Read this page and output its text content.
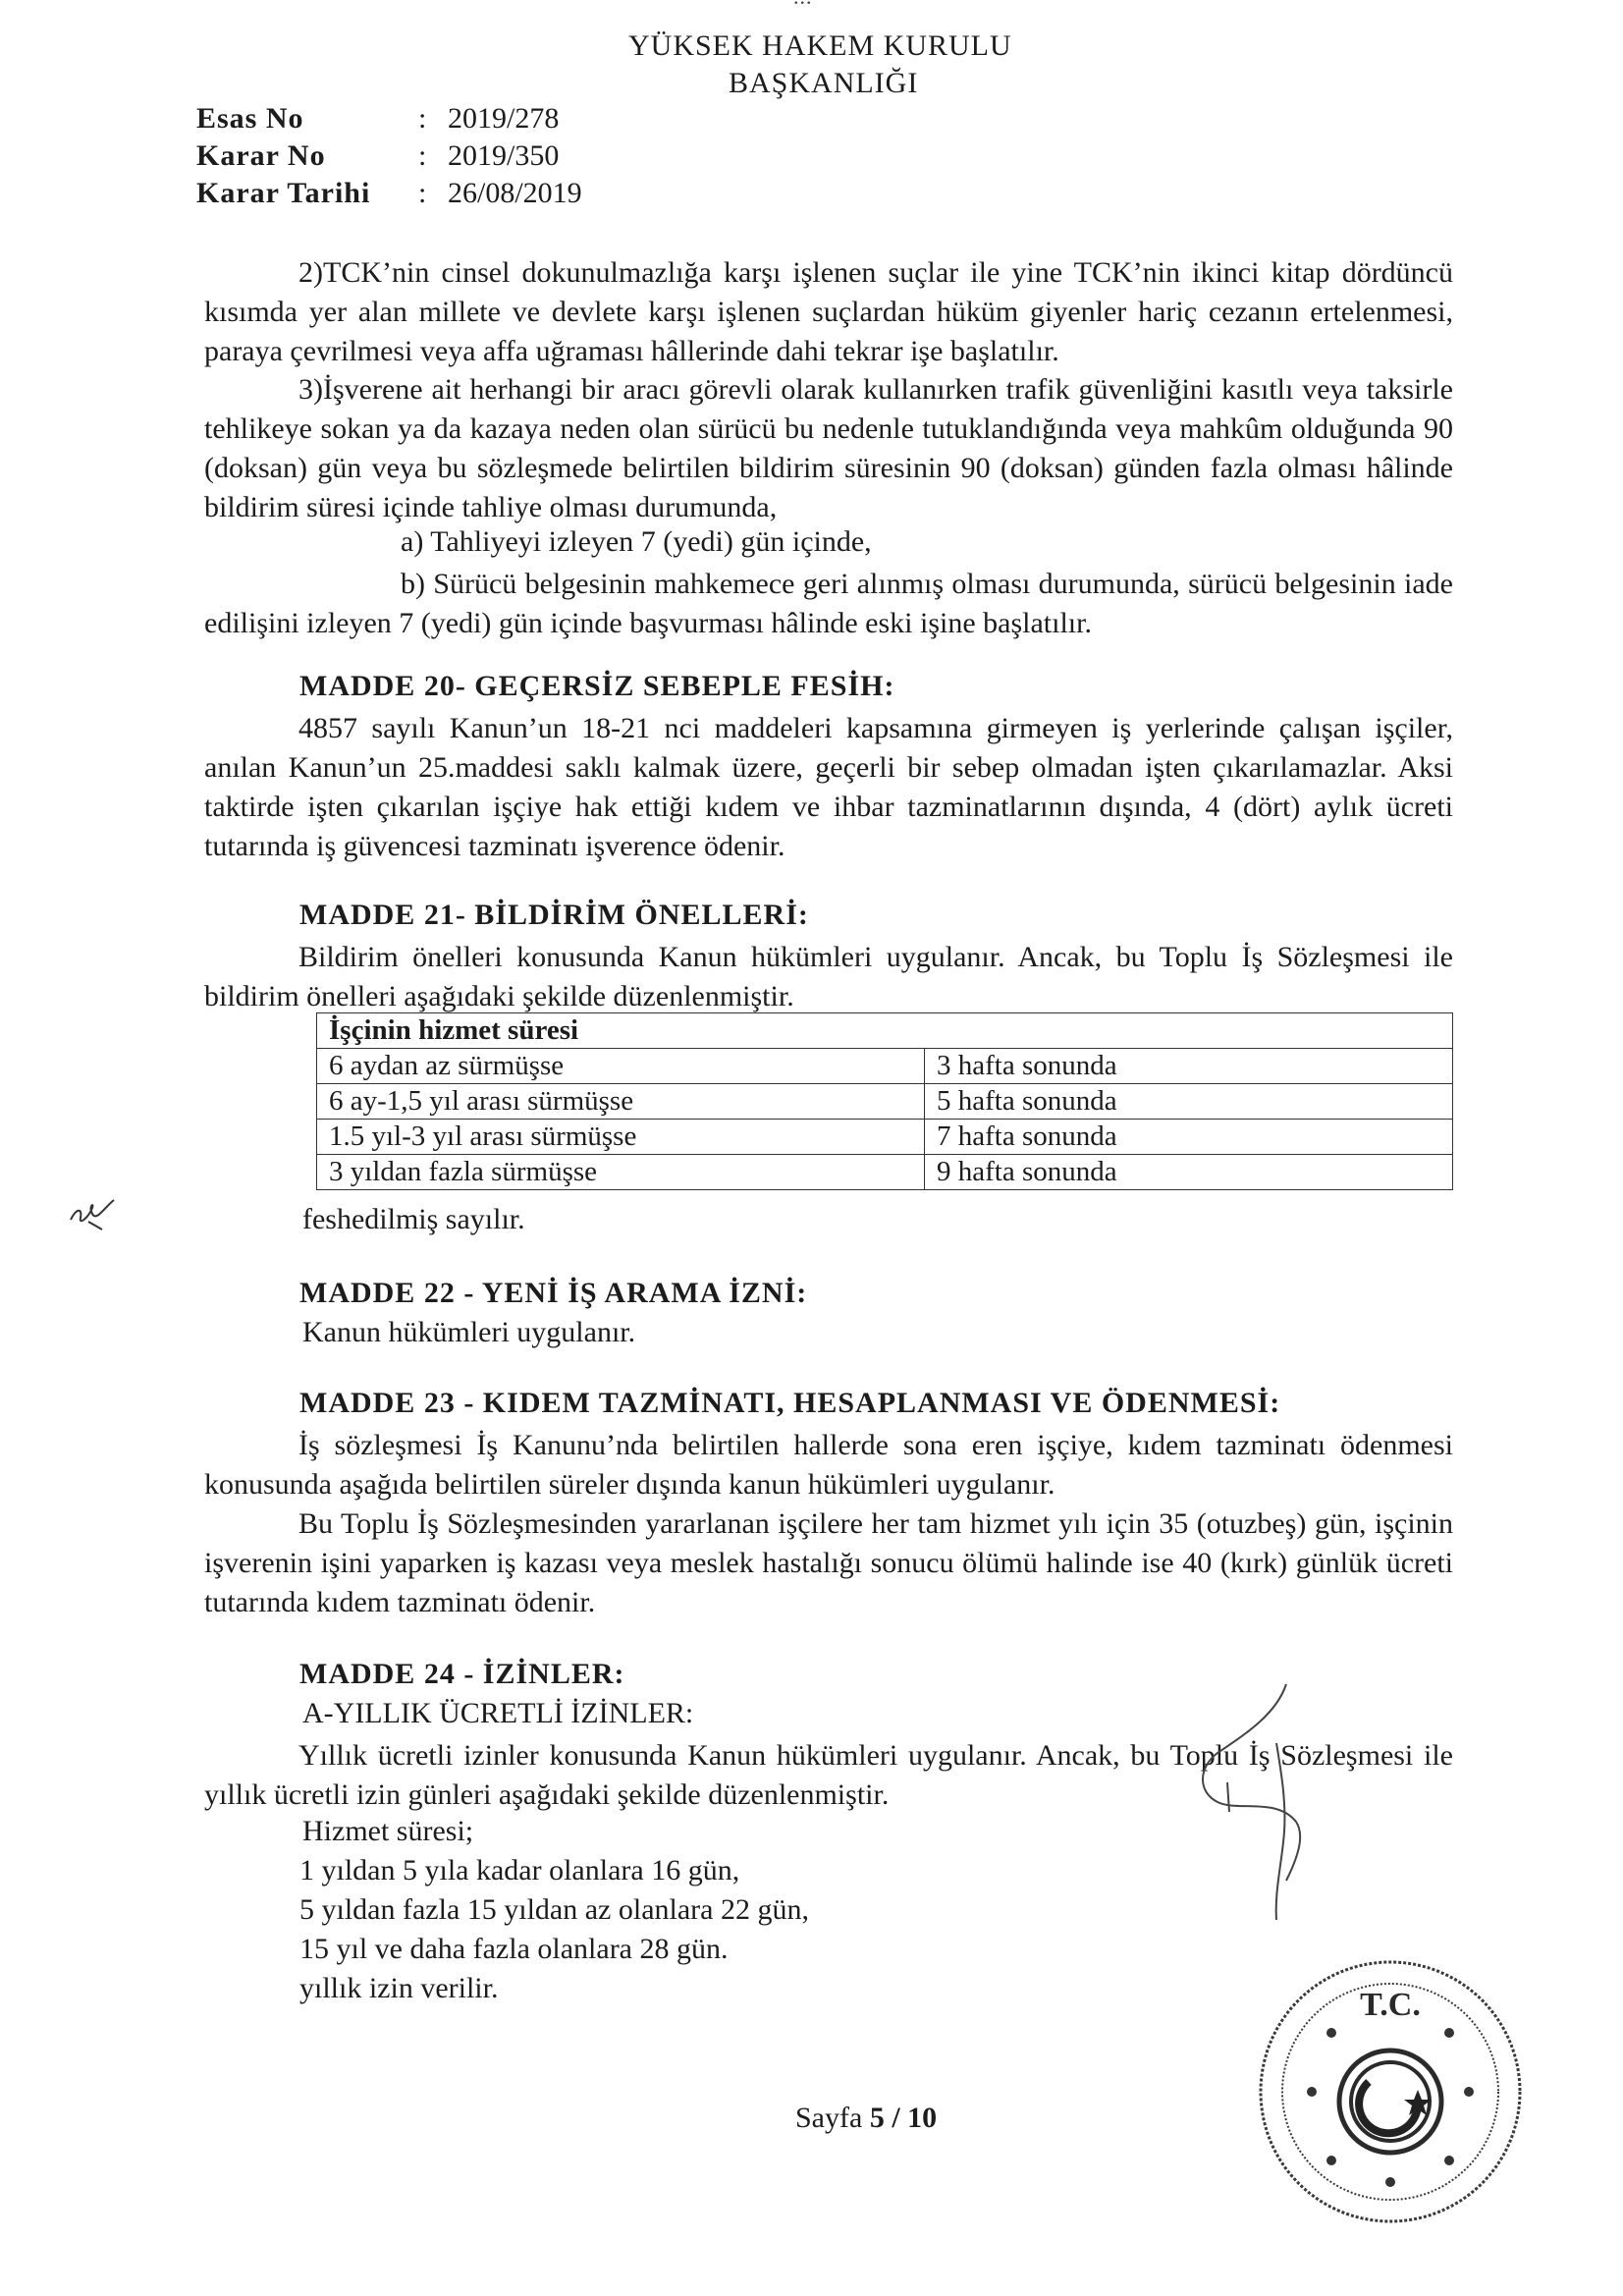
YÜKSEK HAKEM KURULU
BAŞKANLIĞI
Esas No	: 2019/278
Karar No	: 2019/350
Karar Tarihi : 26/08/2019
2)TCK’nin cinsel dokunulmazlığa karşı işlenen suçlar ile yine TCK’nin ikinci kitap dördüncü kısımda yer alan millete ve devlete karşı işlenen suçlardan hüküm giyenler hariç cezanın ertelenmesi, paraya çevrilmesi veya affa uğraması hâllerinde dahi tekrar işe başlatılır.
3)İşverene ait herhangi bir aracı görevli olarak kullanırken trafik güvenliğini kasıtlı veya taksirle tehlikeye sokan ya da kazaya neden olan sürücü bu nedenle tutuklandığında veya mahkûm olduğunda 90 (doksan) gün veya bu sözleşmede belirtilen bildirim süresinin 90 (doksan) günden fazla olması hâlinde bildirim süresi içinde tahliye olması durumunda,
a) Tahliyeyi izleyen 7 (yedi) gün içinde,
b) Sürücü belgesinin mahkemece geri alınmış olması durumunda, sürücü belgesinin iade edilişini izleyen 7 (yedi) gün içinde başvurması hâlinde eski işine başlatılır.
MADDE 20- GEÇERSİZ SEBEPLE FESİH:
4857 sayılı Kanun’un 18-21 nci maddeleri kapsamına girmeyen iş yerlerinde çalışan işçiler, anılan Kanun’un 25.maddesi saklı kalmak üzere, geçerli bir sebep olmadan işten çıkarılamazlar. Aksi taktirde işten çıkarılan işçiye hak ettiği kıdem ve ihbar tazminatlarının dışında, 4 (dört) aylık ücreti tutarında iş güvencesi tazminatı işverence ödenir.
MADDE 21- BİLDİRİM ÖNELLERİ:
Bildirim önelleri konusunda Kanun hükümleri uygulanır. Ancak, bu Toplu İş Sözleşmesi ile bildirim önelleri aşağıdaki şekilde düzenlenmiştir.
İşçinin hizmet süresi	
6 aydan az sürmüşse	3 hafta sonunda
6 ay-1,5 yıl arası sürmüşse	5 hafta sonunda
1.5 yıl-3 yıl arası sürmüşse	7 hafta sonunda
3 yıldan fazla sürmüşse	9 hafta sonunda
feshedilmiş sayılır.
MADDE 22 - YENİ İŞ ARAMA İZNİ:
Kanun hükümleri uygulanır.
MADDE 23 - KIDEM TAZMİNATI, HESAPLANMASI VE ÖDENMESİ:
İş sözleşmesi İş Kanunu’nda belirtilen hallerde sona eren işçiye, kıdem tazminatı ödenmesi konusunda aşağıda belirtilen süreler dışında kanun hükümleri uygulanır.
Bu Toplu İş Sözleşmesinden yararlanan işçilere her tam hizmet yılı için 35 (otuzbeş) gün, işçinin işverenin işini yaparken iş kazası veya meslek hastalığı sonucu ölümü halinde ise 40 (kırk) günlük ücreti tutarında kıdem tazminatı ödenir.
MADDE 24 - İZİNLER:
A-YILLIK ÜCRETLİ İZİNLER:
Yıllık ücretli izinler konusunda Kanun hükümleri uygulanır. Ancak, bu Toplu İş Sözleşmesi ile yıllık ücretli izin günleri aşağıdaki şekilde düzenlenmiştir.
Hizmet süresi;
1 yıldan 5 yıla kadar olanlara 16 gün,
5 yıldan fazla 15 yıldan az olanlara 22 gün,
15 yıl ve daha fazla olanlara 28 gün.
yıllık izin verilir.
Sayfa 5 / 10
T.C.
